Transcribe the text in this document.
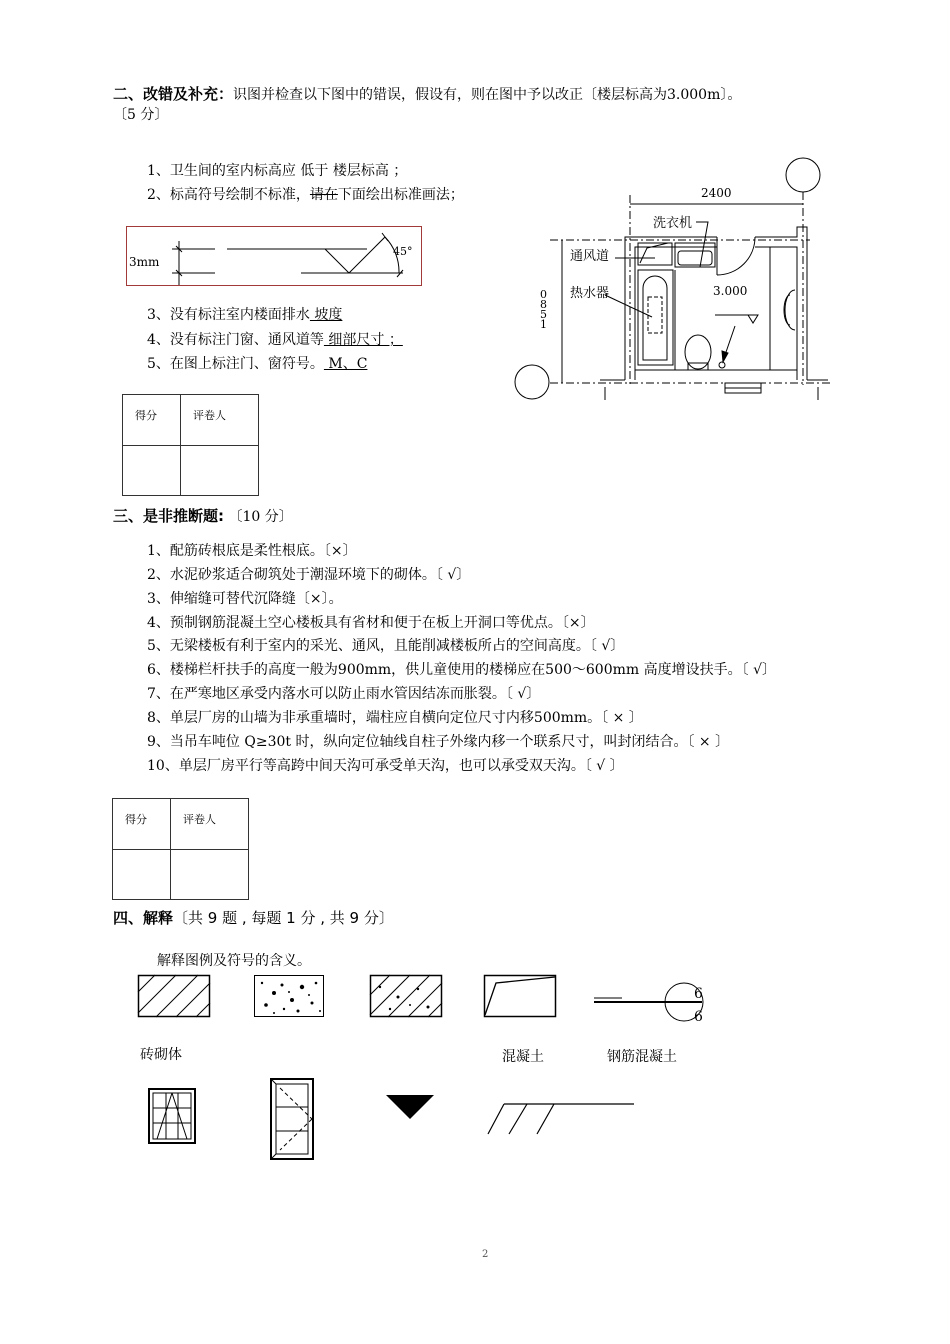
二、改错及补充：识图并检查以下图中的错误，假设有，则在图中予以改正〔楼层标高为3.000m〕。
〔5 分〕
1、卫生间的室内标高应 低于 楼层标高 ；
2、标高符号绘制不标准，请在下面绘出标准画法；
3mm
45°
3、没有标注室内楼面排水 坡度
4、没有标注门窗、通风道等 细部尺寸 ；
5、在图上标注门、窗符号。 M、C
2400
洗衣机
通风道
热水器	3.000
0851
得分	评卷人

三、是非推断题: 〔10 分〕
1、配筋砖根底是柔性根底。〔×〕
2、水泥砂浆适合砌筑处于潮湿环境下的砌体。〔 √〕
3、伸缩缝可替代沉降缝〔×〕。
4、预制钢筋混凝土空心楼板具有省材和便于在板上开洞口等优点。〔×〕
5、无梁楼板有利于室内的采光、通风，且能削减楼板所占的空间高度。〔 √〕
6、楼梯栏杆扶手的高度一般为900mm，供儿童使用的楼梯应在500～600mm 高度增设扶手。〔 √〕
7、在严寒地区承受内落水可以防止雨水管因结冻而胀裂。〔 √〕
8、单层厂房的山墙为非承重墙时，端柱应自横向定位尺寸内移500mm。〔 × 〕
9、当吊车吨位 Q≥30t 时，纵向定位轴线自柱子外缘内移一个联系尺寸，叫封闭结合。〔 × 〕
10、单层厂房平行等高跨中间天沟可承受单天沟，也可以承受双天沟。〔 √ 〕
得分	评卷人

四、解释〔共 9 题 , 每题 1 分 , 共 9 分〕
解释图例及符号的含义。
6
6
砖砌体	混凝土	钢筋混凝土
2
